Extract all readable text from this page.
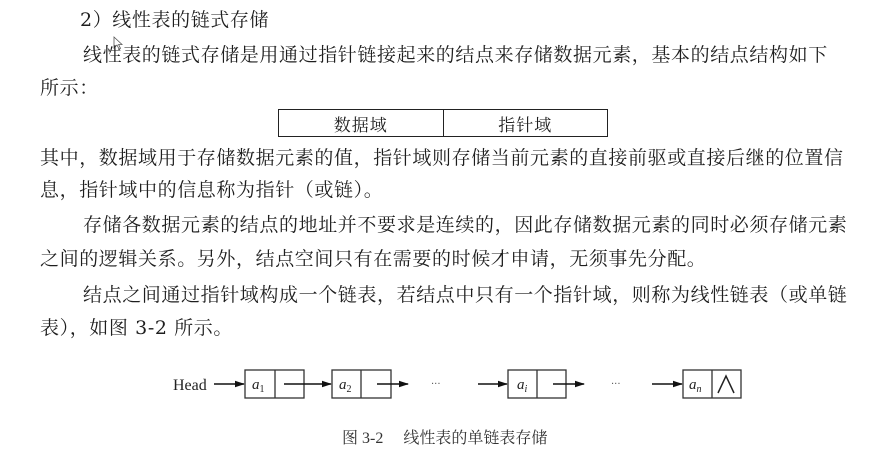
2）线性表的链式存储
线性表的链式存储是用通过指针链接起来的结点来存储数据元素，基本的结点结构如下
所示：
数据域	指针域
其中，数据域用于存储数据元素的值，指针域则存储当前元素的直接前驱或直接后继的位置信
息，指针域中的信息称为指针（或链）。
存储各数据元素的结点的地址并不要求是连续的，因此存储数据元素的同时必须存储元素
之间的逻辑关系。另外，结点空间只有在需要的时候才申请，无须事先分配。
结点之间通过指针域构成一个链表，若结点中只有一个指针域，则称为线性链表（或单链
表），如图 3-2 所示。
Head	$a_1$	$a_2$	···	$a_i$	···	$a_n$
图 3-2 线性表的单链表存储
